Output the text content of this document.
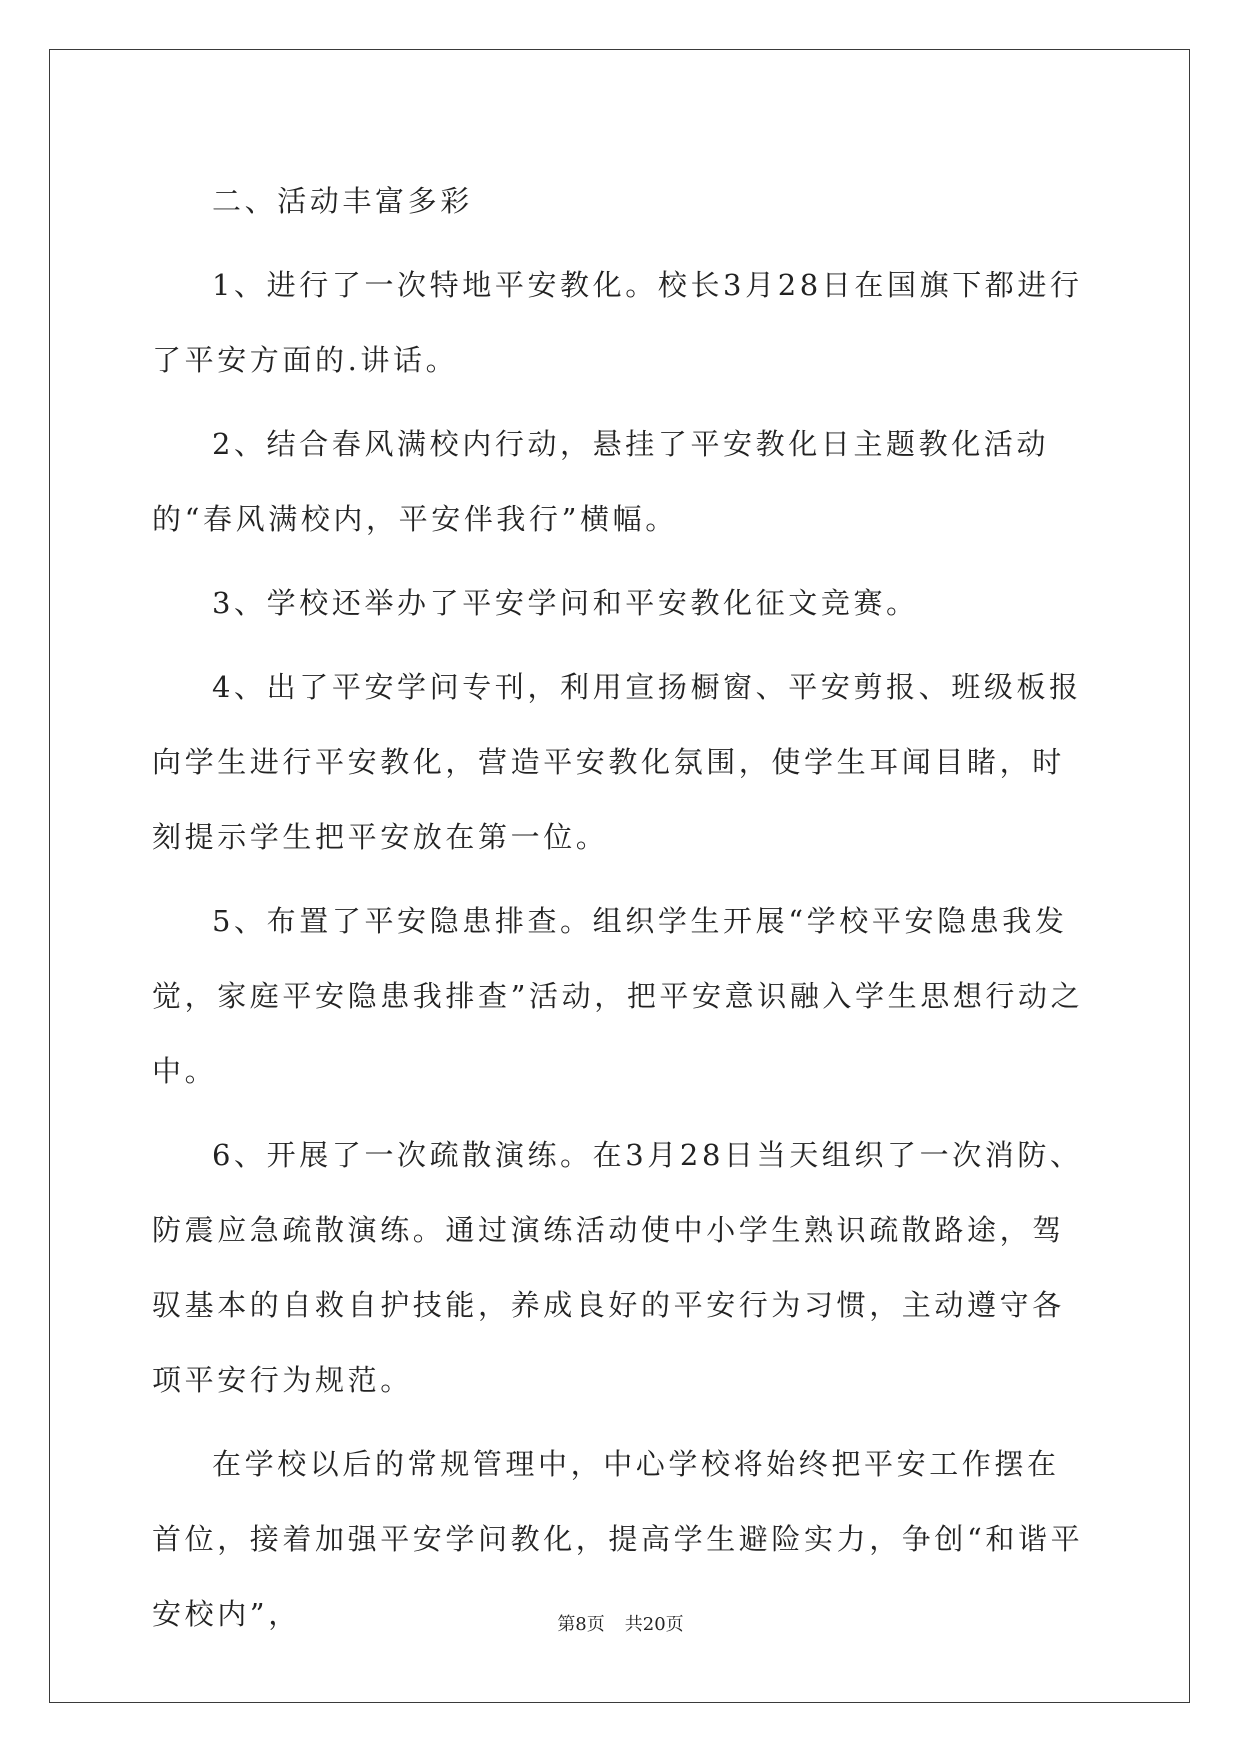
二、活动丰富多彩

1、进行了一次特地平安教化。校长3月28日在国旗下都进行了平安方面的.讲话。

2、结合春风满校内行动，悬挂了平安教化日主题教化活动的“春风满校内，平安伴我行”横幅。

3、学校还举办了平安学问和平安教化征文竞赛。

4、出了平安学问专刊，利用宣扬橱窗、平安剪报、班级板报向学生进行平安教化，营造平安教化氛围，使学生耳闻目睹，时刻提示学生把平安放在第一位。

5、布置了平安隐患排查。组织学生开展“学校平安隐患我发觉，家庭平安隐患我排查”活动，把平安意识融入学生思想行动之中。

6、开展了一次疏散演练。在3月28日当天组织了一次消防、防震应急疏散演练。通过演练活动使中小学生熟识疏散路途，驾驭基本的自救自护技能，养成良好的平安行为习惯，主动遵守各项平安行为规范。

在学校以后的常规管理中，中心学校将始终把平安工作摆在首位，接着加强平安学问教化，提高学生避险实力，争创“和谐平安校内”，	第8页 共20页
